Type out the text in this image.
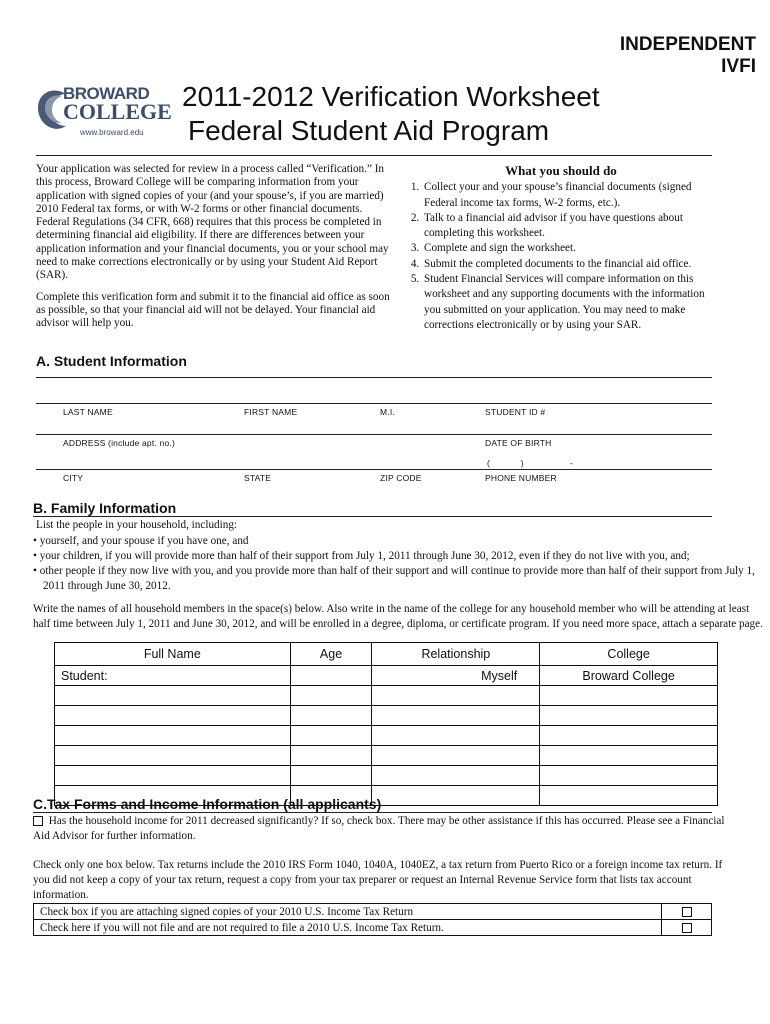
INDEPENDENT
IVFI
BROWARD
COLLEGE
www.broward.edu
2011-2012 Verification Worksheet
Federal Student Aid Program

Your application was selected for review in a process called “Verification.” In this process, Broward College will be comparing information from your application with signed copies of your (and your spouse’s, if you are married) 2010 Federal tax forms, or with W-2 forms or other financial documents. Federal Regulations (34 CFR, 668) requires that this process be completed in determining financial aid eligibility. If there are differences between your application information and your financial documents, you or your school may need to make corrections electronically or by using your Student Aid Report (SAR).

Complete this verification form and submit it to the financial aid office as soon as possible, so that your financial aid will not be delayed. Your financial aid advisor will help you.

What you should do
1. Collect your and your spouse’s financial documents (signed Federal income tax forms, W-2 forms, etc.).
2. Talk to a financial aid advisor if you have questions about completing this worksheet.
3. Complete and sign the worksheet.
4. Submit the completed documents to the financial aid office.
5. Student Financial Services will compare information on this worksheet and any supporting documents with the information you submitted on your application. You may need to make corrections electronically or by using your SAR.
A. Student Information
LAST NAME	FIRST NAME	M.I.	STUDENT ID #
ADDRESS (include apt. no.)	DATE OF BIRTH
(            )                  -
CITY	STATE	ZIP CODE	PHONE NUMBER
B. Family Information
List the people in your household, including:
• yourself, and your spouse if you have one, and
• your children, if you will provide more than half of their support from July 1, 2011 through June 30, 2012, even if they do not live with you, and;
• other people if they now live with you, and you provide more than half of their support and will continue to provide more than half of their support from July 1, 2011 through June 30, 2012.
Write the names of all household members in the space(s) below. Also write in the name of the college for any household member who will be attending at least half time between July 1, 2011 and June 30, 2012, and will be enrolled in a degree, diploma, or certificate program. If you need more space, attach a separate page.
Full Name	Age	Relationship	College
Student:		Myself	Broward College

C.Tax Forms and Income Information (all applicants)
Has the household income for 2011 decreased significantly? If so, check box. There may be other assistance if this has occurred. Please see a Financial Aid Advisor for further information.
Check only one box below. Tax returns include the 2010 IRS Form 1040, 1040A, 1040EZ, a tax return from Puerto Rico or a foreign income tax return. If you did not keep a copy of your tax return, request a copy from your tax preparer or request an Internal Revenue Service form that lists tax account information.
Check box if you are attaching signed copies of your 2010 U.S. Income Tax Return	
Check here if you will not file and are not required to file a 2010 U.S. Income Tax Return.	
